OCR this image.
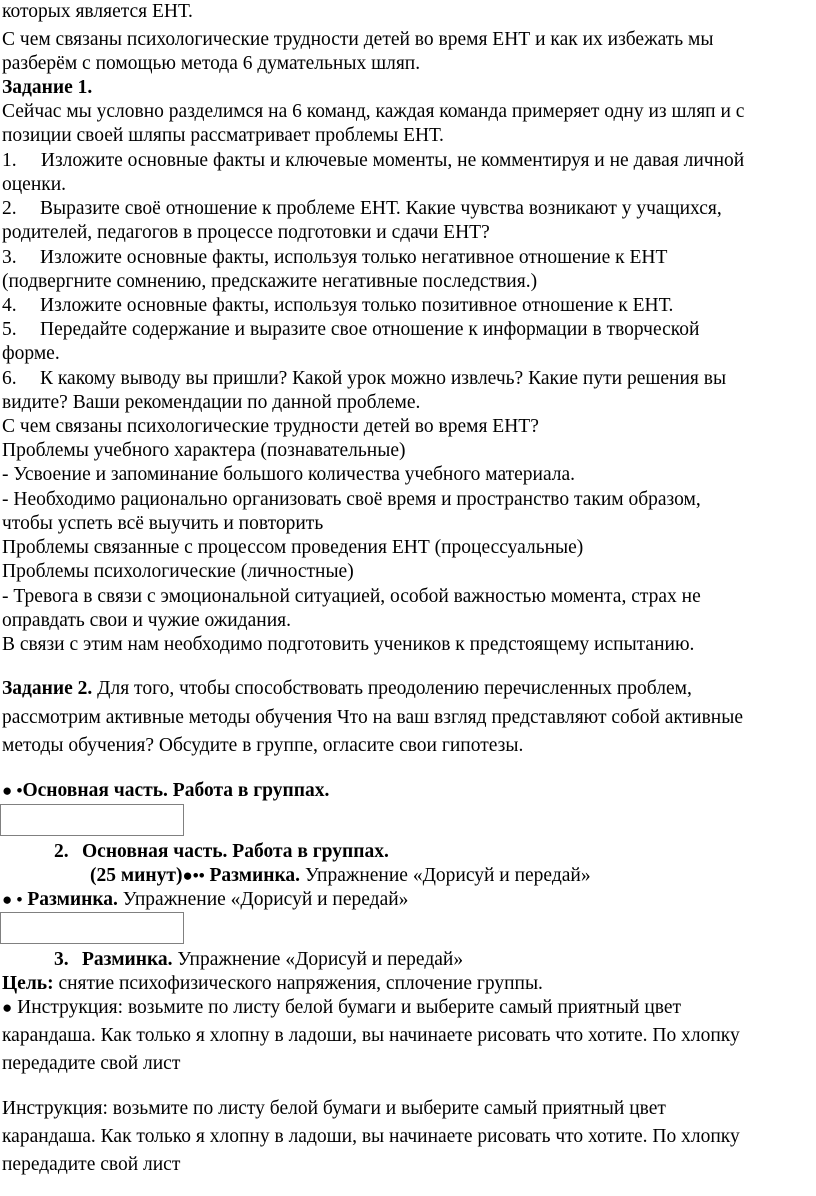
которых является ЕНТ.
С чем связаны психологические трудности детей во время ЕНТ и как их избежать мы
разберём с помощью метода 6 думательных шляп.
Задание 1.
Сейчас мы условно разделимся на 6 команд, каждая команда примеряет одну из шляп и с
позиции своей шляпы рассматривает проблемы ЕНТ.
1. Изложите основные факты и ключевые моменты, не комментируя и не давая личной
оценки.
2. Выразите своё отношение к проблеме ЕНТ. Какие чувства возникают у учащихся,
родителей, педагогов в процессе подготовки и сдачи ЕНТ?
3. Изложите основные факты, используя только негативное отношение к ЕНТ
(подвергните сомнению, предскажите негативные последствия.)
4. Изложите основные факты, используя только позитивное отношение к ЕНТ.
5. Передайте содержание и выразите свое отношение к информации в творческой
форме.
6. К какому выводу вы пришли? Какой урок можно извлечь? Какие пути решения вы
видите? Ваши рекомендации по данной проблеме.
С чем связаны психологические трудности детей во время ЕНТ?
Проблемы учебного характера (познавательные)
- Усвоение и запоминание большого количества учебного материала.
- Необходимо рационально организовать своё время и пространство таким образом,
чтобы успеть всё выучить и повторить
Проблемы связанные с процессом проведения ЕНТ (процессуальные)
Проблемы психологические (личностные)
- Тревога в связи с эмоциональной ситуацией, особой важностью момента, страх не
оправдать свои и чужие ожидания.
В связи с этим нам необходимо подготовить учеников к предстоящему испытанию.
Задание 2. Для того, чтобы способствовать преодолению перечисленных проблем,
рассмотрим активные методы обучения Что на ваш взгляд представляют собой активные
методы обучения? Обсудите в группе, огласите свои гипотезы.
● •Основная часть. Работа в группах.
2. Основная часть. Работа в группах.
(25 минут)●•• Разминка. Упражнение «Дорисуй и передай»
● • Разминка. Упражнение «Дорисуй и передай»
3. Разминка. Упражнение «Дорисуй и передай»
Цель: снятие психофизического напряжения, сплочение группы.
● Инструкция: возьмите по листу белой бумаги и выберите самый приятный цвет
карандаша. Как только я хлопну в ладоши, вы начинаете рисовать что хотите. По хлопку
передадите свой лист
Инструкция: возьмите по листу белой бумаги и выберите самый приятный цвет
карандаша. Как только я хлопну в ладоши, вы начинаете рисовать что хотите. По хлопку
передадите свой лист
